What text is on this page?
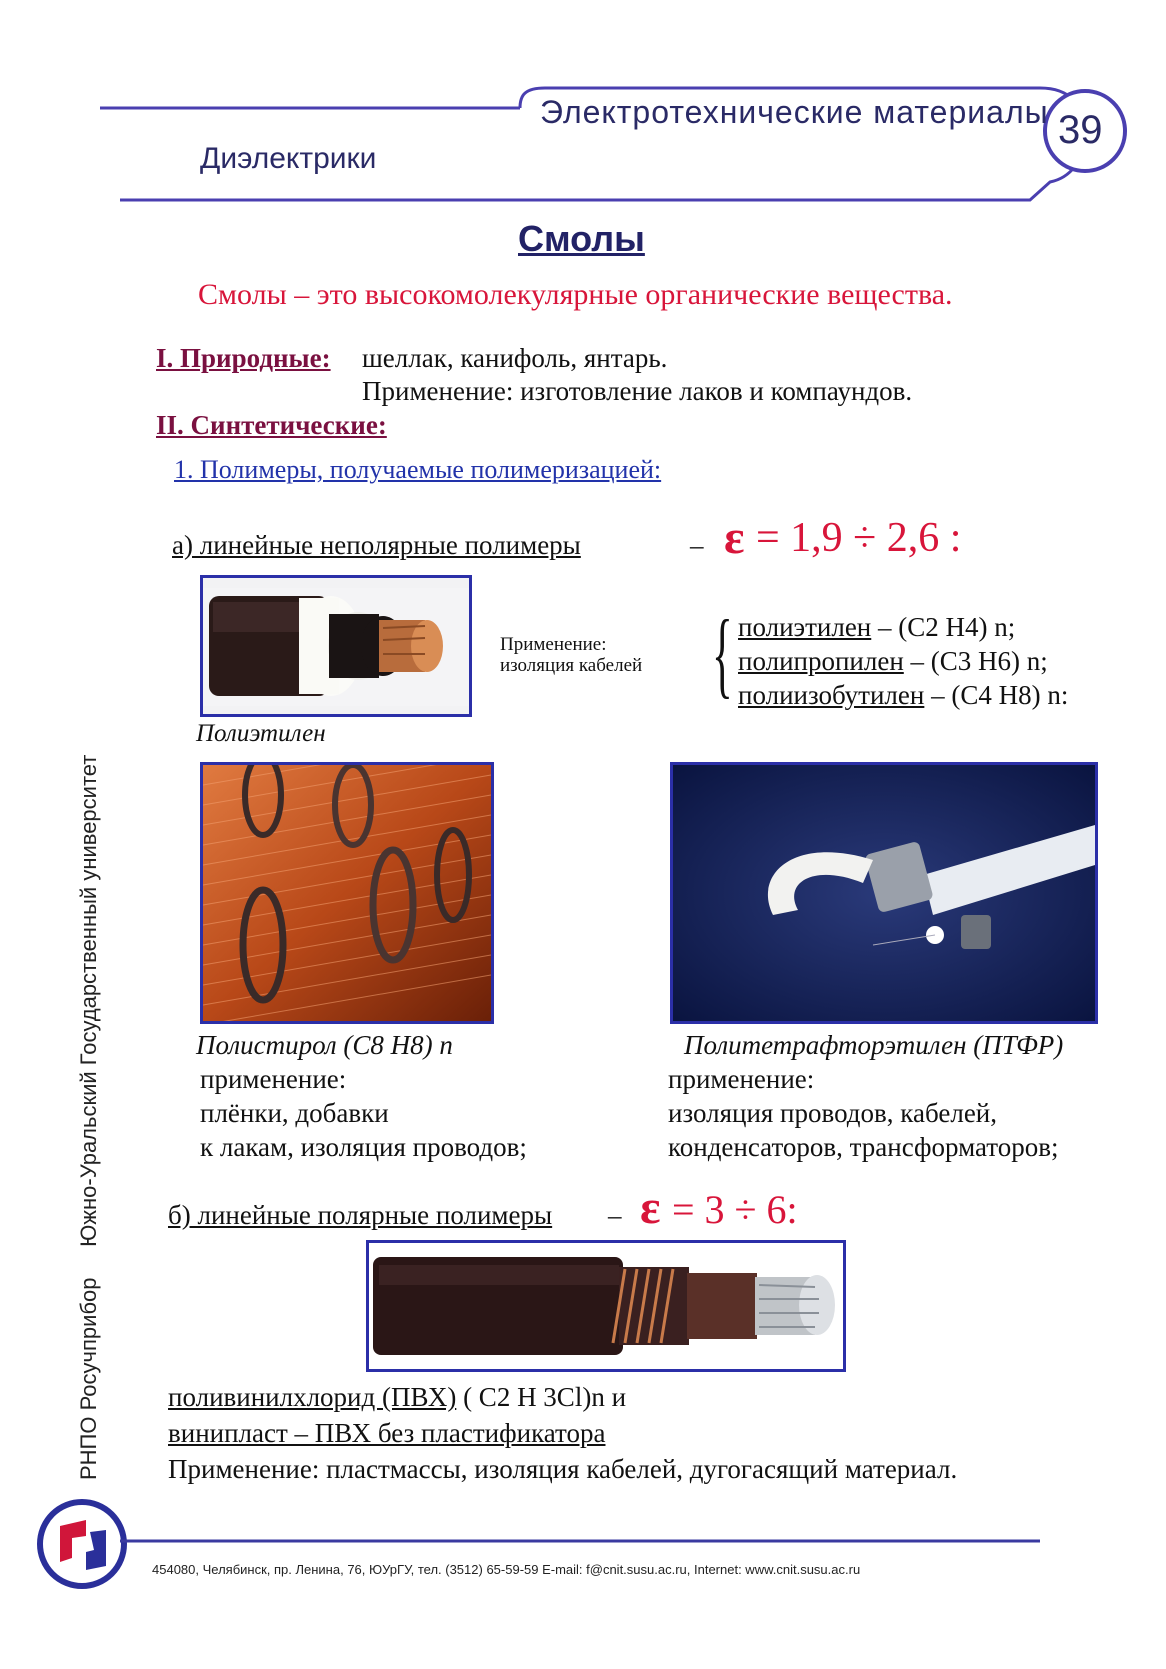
Электротехнические материалы 39
Диэлектрики
Смолы
Смолы – это высокомолекулярные органические вещества.
I. Природные: шеллак, канифоль, янтарь.
Применение: изготовление лаков и компаундов.
II. Синтетические:
1. Полимеры, получаемые полимеризацией:
а) линейные неполярные полимеры	– ε = 1,9 ÷ 2,6 :
Полиэтилен
Применение:
изоляция кабелей { полиэтилен – (C2 H4) n;
полипропилен – (C3 H6) n;
полиизобутилен – (C4 H8) n:
Полистирол (C8 H8) n
применение:
плёнки, добавки
к лакам, изоляция проводов;
Политетрафторэтилен (ПТФР)
применение:
изоляция проводов, кабелей,
конденсаторов, трансформаторов;
б) линейные полярные полимеры – ε = 3 ÷ 6:
поливинилхлорид (ПВХ) ( C2 H 3Cl)n и
винипласт – ПВХ без пластификатора
Применение: пластмассы, изоляция кабелей, дугогасящий материал.
РНПО Росучприбор     Южно-Уральский Государственный университет
454080, Челябинск, пр. Ленина, 76, ЮУрГУ, тел. (3512) 65-59-59 E-mail: f@cnit.susu.ac.ru, Internet: www.cnit.susu.ac.ru
